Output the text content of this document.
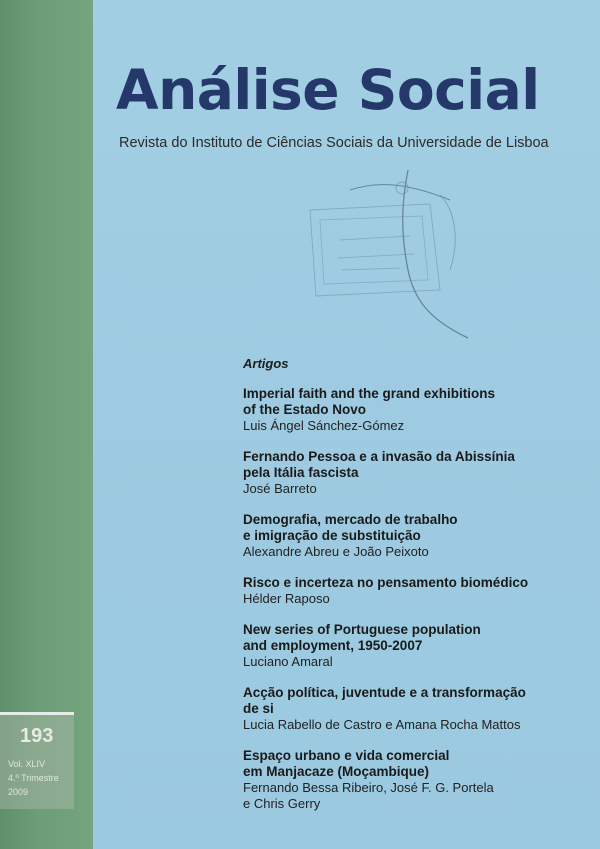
Análise Social
Revista do Instituto de Ciências Sociais da Universidade de Lisboa
Artigos
Imperial faith and the grand exhibitions
of the Estado Novo
Luis Ángel Sánchez-Gómez
Fernando Pessoa e a invasão da Abissínia
pela Itália fascista
José Barreto
Demografia, mercado de trabalho
e imigração de substituição
Alexandre Abreu e João Peixoto
Risco e incerteza no pensamento biomédico
Hélder Raposo
New series of Portuguese population
and employment, 1950-2007
Luciano Amaral
Acção política, juventude e a transformação
de si
Lucia Rabello de Castro e Amana Rocha Mattos
Espaço urbano e vida comercial
em Manjacaze (Moçambique)
Fernando Bessa Ribeiro, José F. G. Portela
e Chris Gerry
193
Vol. XLIV
4.º Trimestre
2009
